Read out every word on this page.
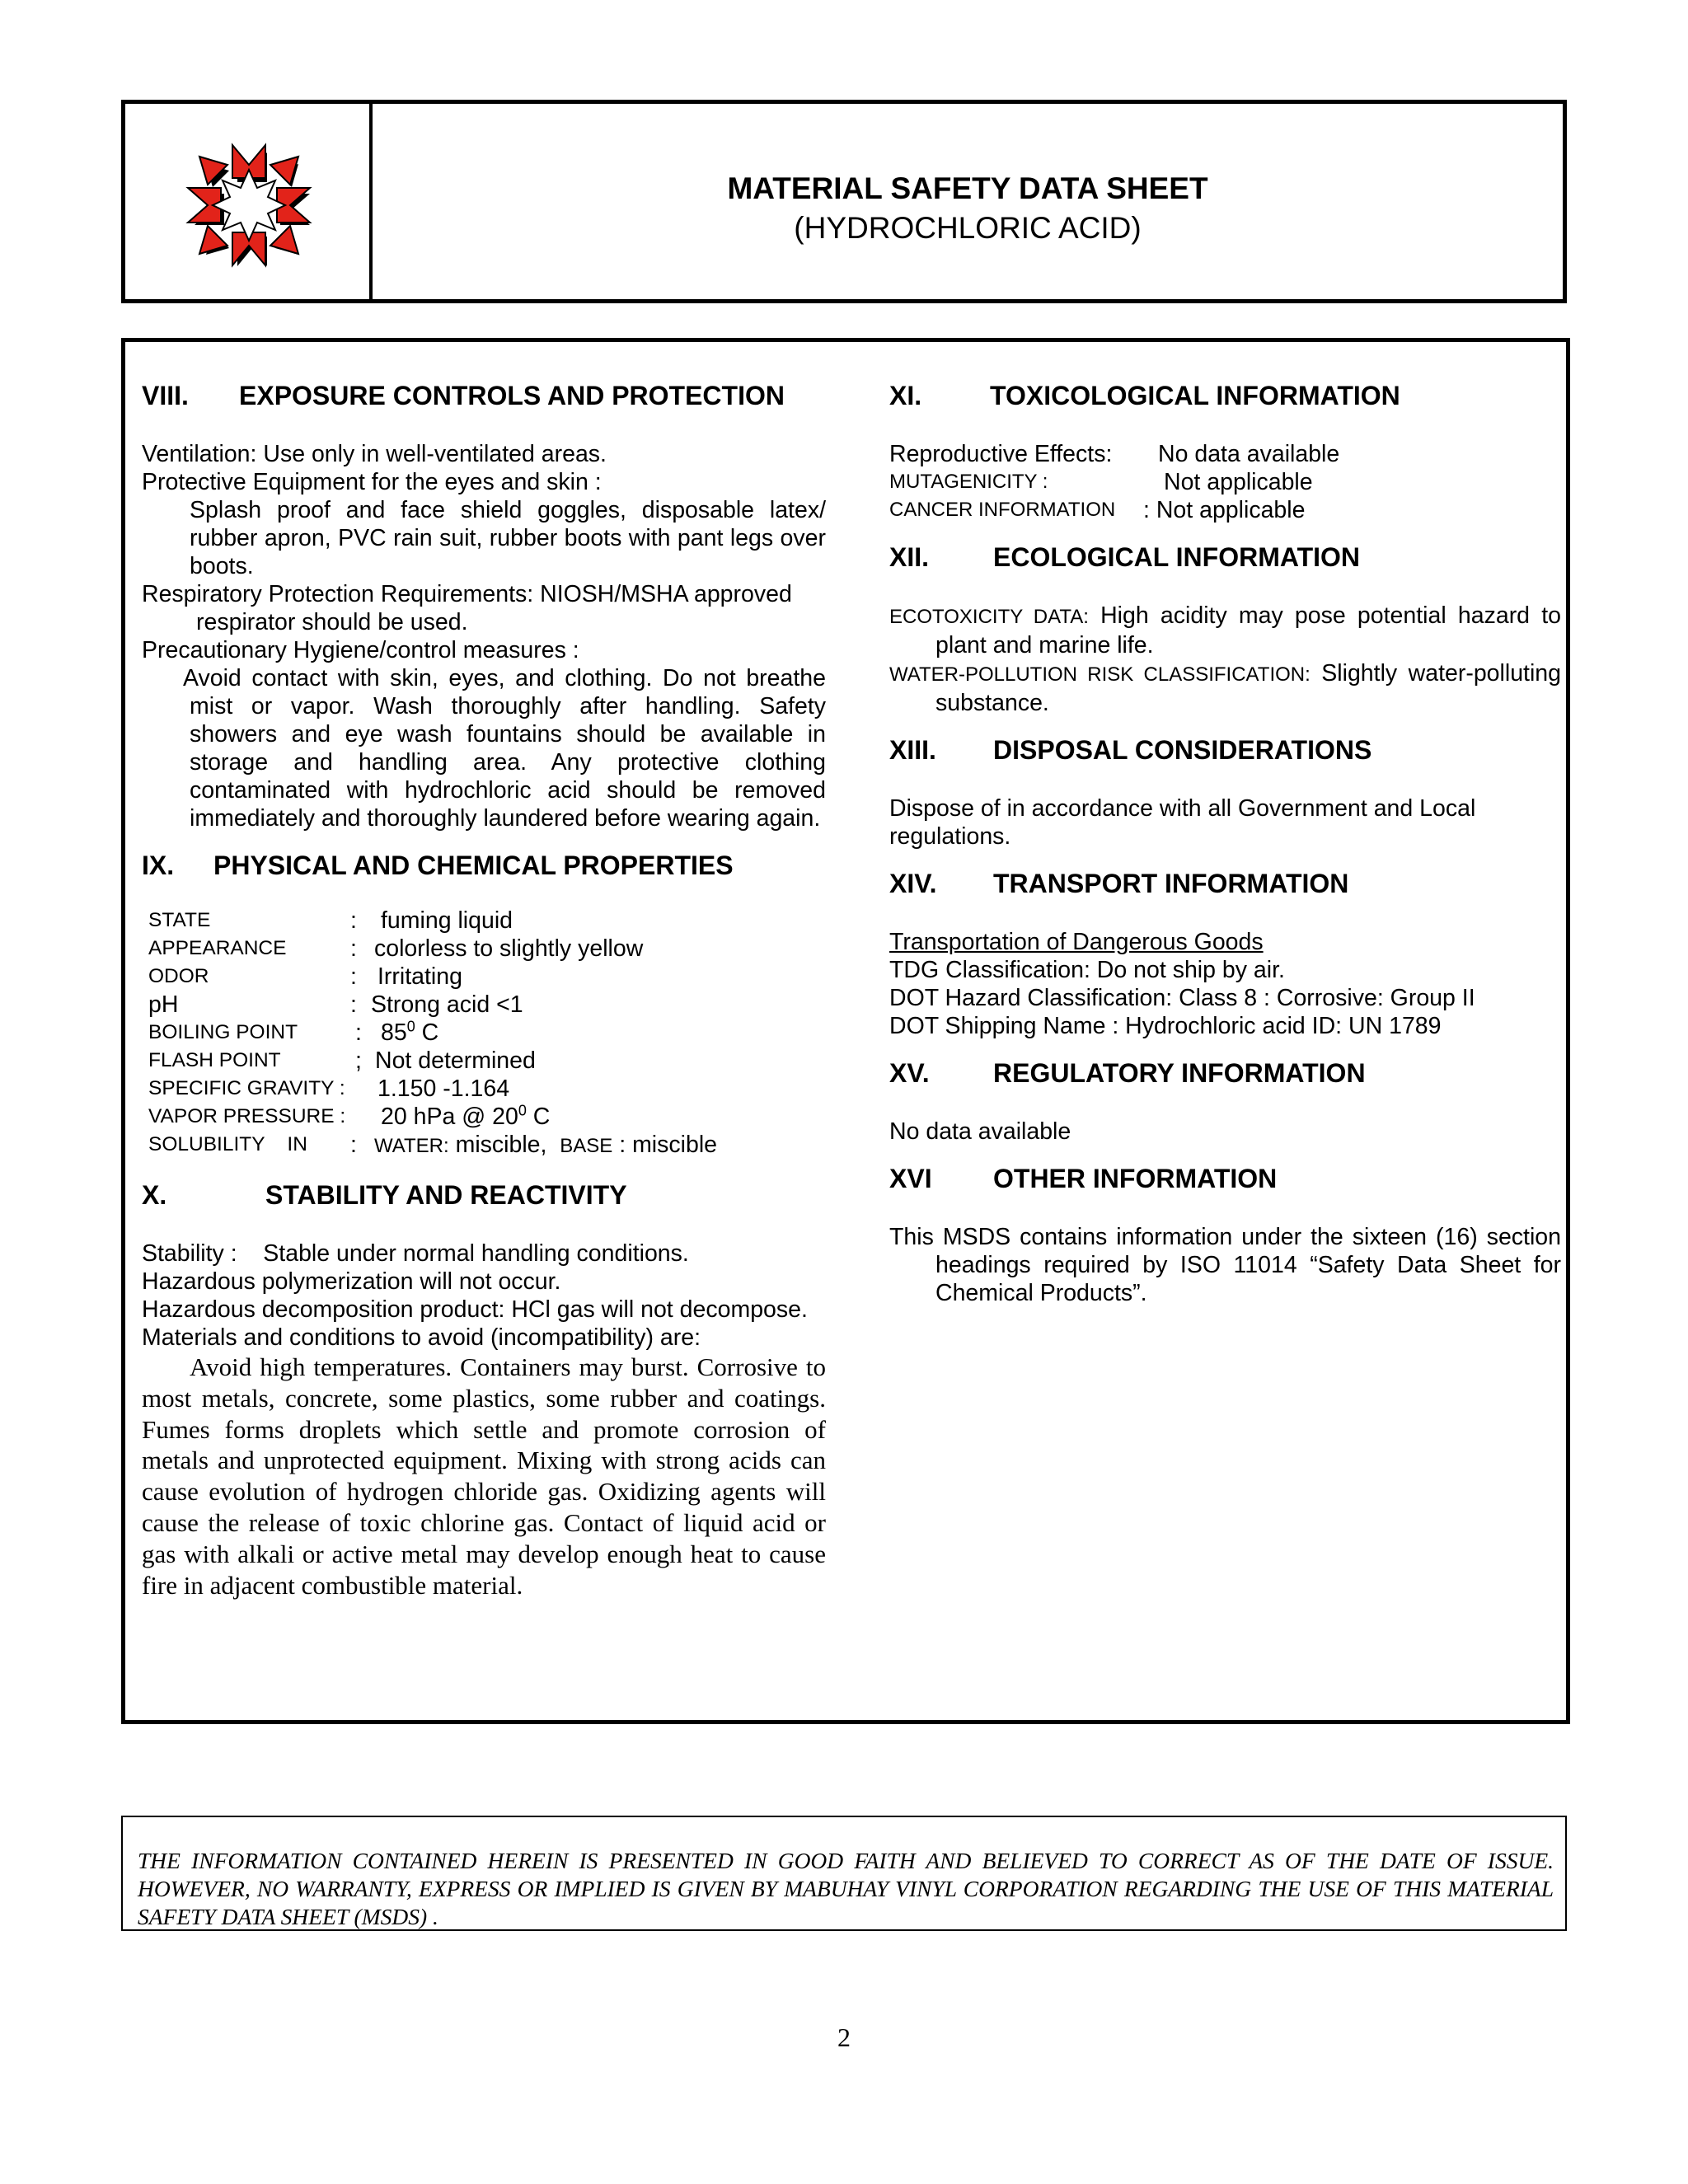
MATERIAL SAFETY DATA SHEET
(HYDROCHLORIC ACID)
VIII. EXPOSURE CONTROLS AND PROTECTION

Ventilation: Use only in well-ventilated areas.

Protective Equipment for the eyes and skin :

Splash proof and face shield goggles, disposable latex/ rubber apron, PVC rain suit, rubber boots with pant legs over boots.

Respiratory Protection Requirements: NIOSH/MSHA approved respirator should be used.

Precautionary Hygiene/control measures :

Avoid contact with skin, eyes, and clothing. Do not breathe mist or vapor. Wash thoroughly after handling. Safety showers and eye wash fountains should be available in storage and handling area. Any protective clothing contaminated with hydrochloric acid should be removed immediately and thoroughly laundered before wearing again.

IX. PHYSICAL AND CHEMICAL PROPERTIES
STATE	: fuming liquid
APPEARANCE	: colorless to slightly yellow
ODOR	: Irritating
pH	: Strong acid <1
BOILING POINT : $85^0$ C
FLASH POINT	; Not determined
SPECIFIC GRAVITY : 1.150 -1.164
VAPOR PRESSURE : 20 hPa @ $20^0$ C
SOLUBILITY    IN : WATER: miscible,  BASE : miscible
X.	STABILITY AND REACTIVITY

Stability :    Stable under normal handling conditions.

Hazardous polymerization will not occur.

Hazardous decomposition product: HCl gas will not decompose.

Materials and conditions to avoid (incompatibility) are:

Avoid high temperatures. Containers may burst. Corrosive to most metals, concrete, some plastics, some rubber and coatings. Fumes forms droplets which settle and promote corrosion of metals and unprotected equipment. Mixing with strong acids can cause evolution of hydrogen chloride gas. Oxidizing agents will cause the release of toxic chlorine gas. Contact of liquid acid or gas with alkali or active metal may develop enough heat to cause fire in adjacent combustible material.

XI.	TOXICOLOGICAL INFORMATION
Reproductive Effects: No data available
MUTAGENICITY :	Not applicable
CANCER INFORMATION : Not applicable
XII. ECOLOGICAL INFORMATION

ECOTOXICITY DATA: High acidity may pose potential hazard to plant and marine life.

WATER-POLLUTION RISK CLASSIFICATION: Slightly water-polluting substance.

XIII. DISPOSAL CONSIDERATIONS

Dispose of in accordance with all Government and Local regulations.

XIV. TRANSPORT INFORMATION

Transportation of Dangerous Goods

TDG Classification: Do not ship by air.

DOT Hazard Classification: Class 8 : Corrosive: Group II

DOT Shipping Name : Hydrochloric acid ID: UN 1789

XV. REGULATORY INFORMATION

No data available

XVI OTHER INFORMATION

This MSDS contains information under the sixteen (16) section headings required by ISO 11014 “Safety Data Sheet for Chemical Products”.

THE INFORMATION CONTAINED HEREIN IS PRESENTED IN GOOD FAITH AND BELIEVED TO CORRECT AS OF THE DATE OF ISSUE. HOWEVER, NO WARRANTY, EXPRESS OR IMPLIED IS GIVEN BY MABUHAY VINYL CORPORATION REGARDING THE USE OF THIS MATERIAL SAFETY DATA SHEET (MSDS) .
2
